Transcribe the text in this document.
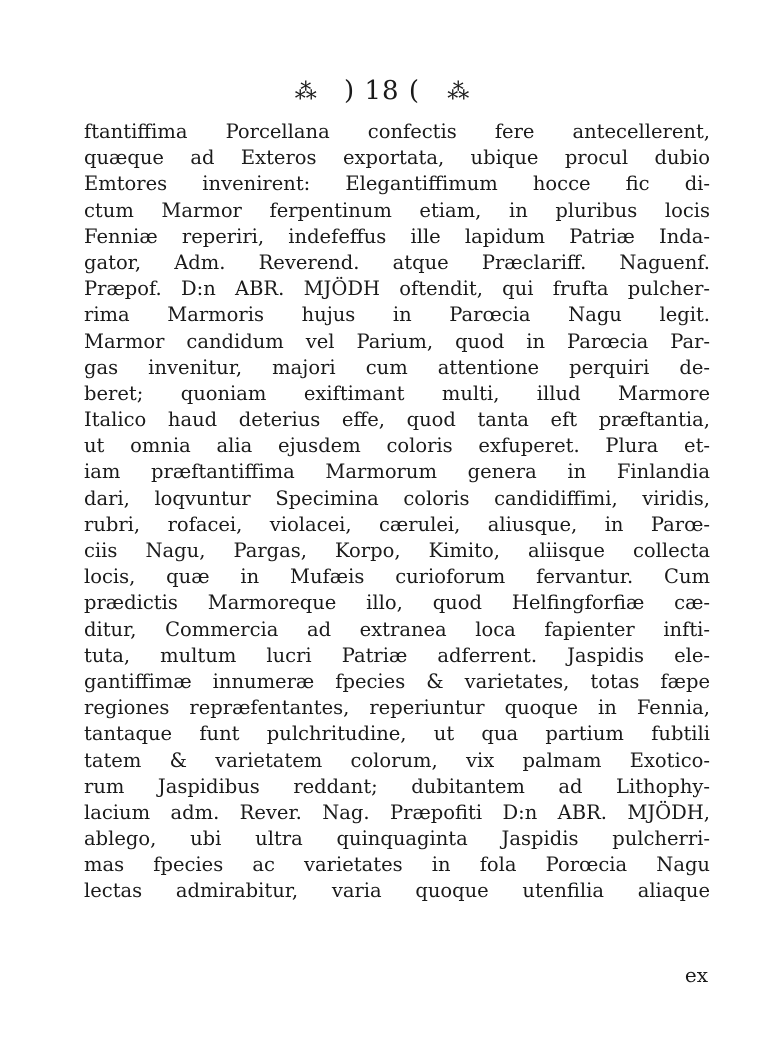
⁂ ) 18 ( ⁂
ftantiffima Porcellana confectis fere antecellerent,
quæque ad Exteros exportata, ubique procul dubio
Emtores invenirent: Elegantiffimum hocce fic di-
ctum Marmor ferpentinum etiam, in pluribus locis
Fenniæ reperiri, indefeffus ille lapidum Patriæ Inda-
gator, Adm. Reverend. atque Præclariff. Naguenf.
Præpof. D:n ABR. MJÖDH oftendit, qui frufta pulcher-
rima Marmoris hujus in Parœcia Nagu legit.
Marmor candidum vel Parium, quod in Parœcia Par-
gas invenitur, majori cum attentione perquiri de-
beret; quoniam exiftimant multi, illud Marmore
Italico haud deterius effe, quod tanta eft præftantia,
ut omnia alia ejusdem coloris exfuperet. Plura et-
iam præftantiffima Marmorum genera in Finlandia
dari, loqvuntur Specimina coloris candidiffimi, viridis,
rubri, rofacei, violacei, cærulei, aliusque, in Parœ-
ciis Nagu, Pargas, Korpo, Kimito, aliisque collecta
locis, quæ in Mufæis curioforum fervantur. Cum
prædictis Marmoreque illo, quod Helfingforfiæ cæ-
ditur, Commercia ad extranea loca fapienter infti-
tuta, multum lucri Patriæ adferrent. Jaspidis ele-
gantiffimæ innumeræ fpecies & varietates, totas fæpe
regiones repræfentantes, reperiuntur quoque in Fennia,
tantaque funt pulchritudine, ut qua partium fubtili
tatem & varietatem colorum, vix palmam Exotico-
rum Jaspidibus reddant; dubitantem ad Lithophy-
lacium adm. Rever. Nag. Præpofiti D:n ABR. MJÖDH,
ablego, ubi ultra quinquaginta Jaspidis pulcherri-
mas fpecies ac varietates in fola Porœcia Nagu
lectas admirabitur, varia quoque utenfilia aliaque
ex
